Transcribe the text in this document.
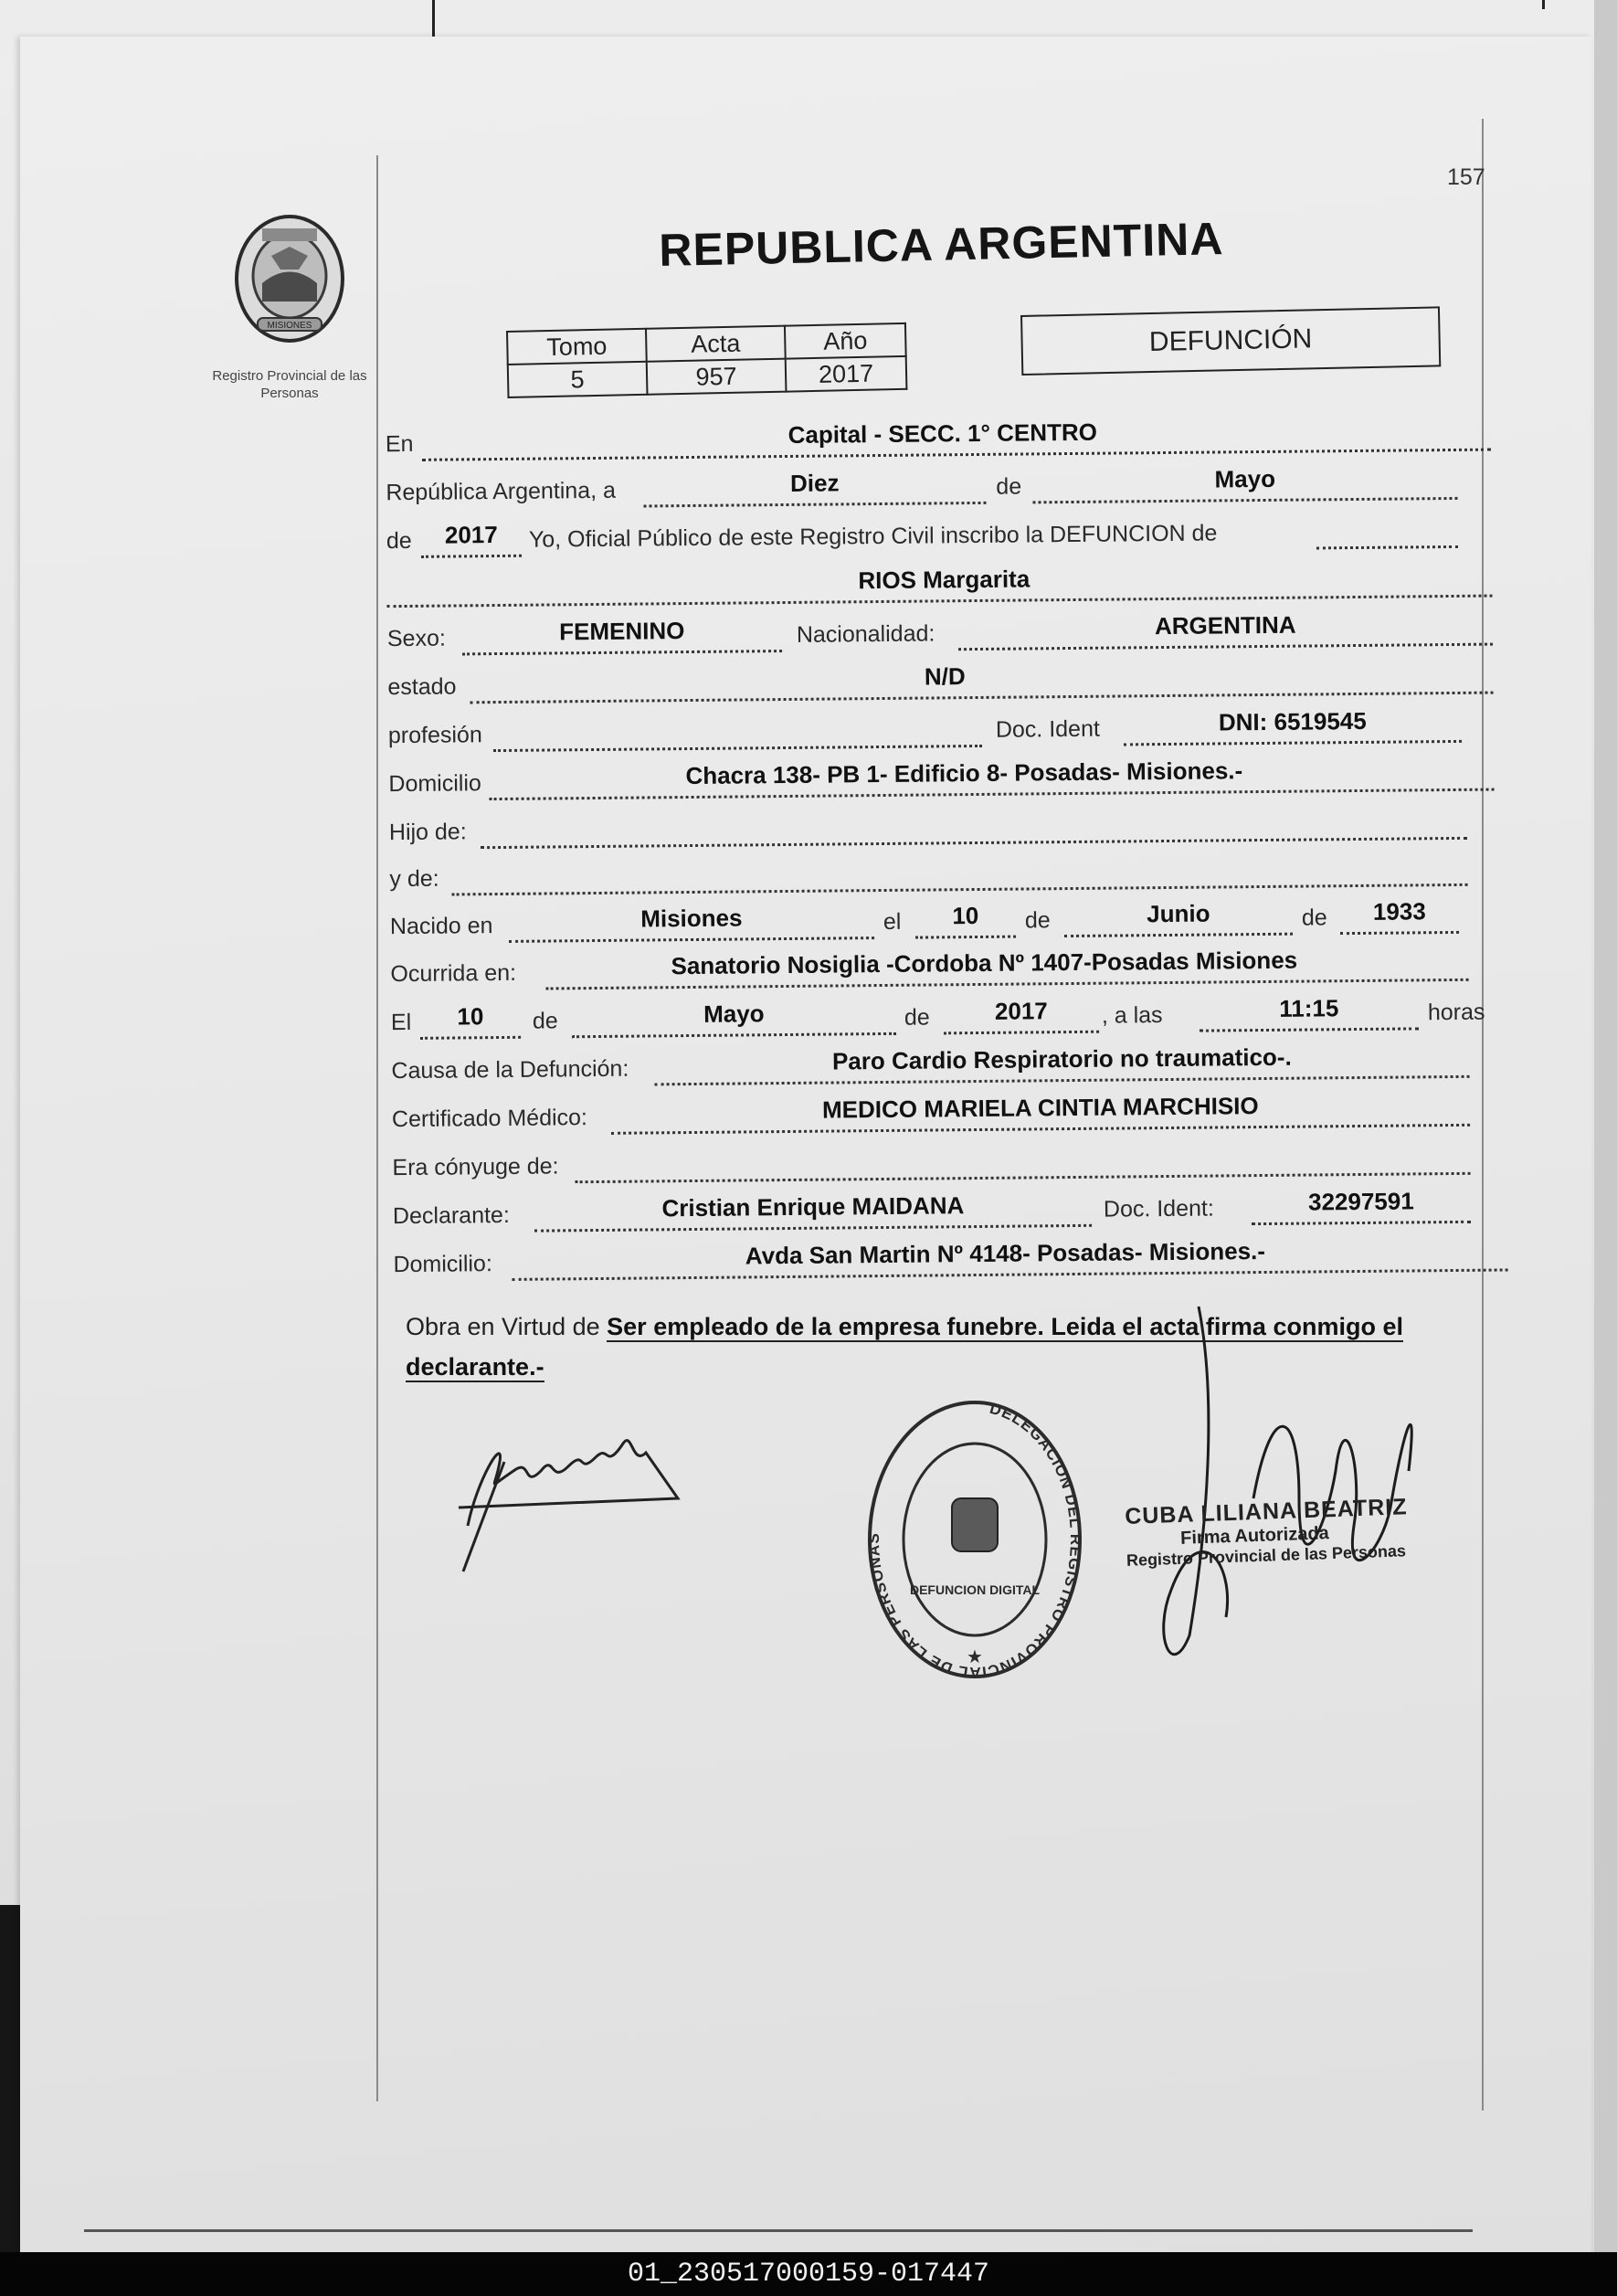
157
MISIONES
Registro Provincial de las Personas
REPUBLICA ARGENTINA
Tomo	Acta	Año
5	957	2017
DEFUNCIÓN
En	Capital - SECC. 1° CENTRO
República Argentina, a	Diez	de	Mayo
de	2017	Yo, Oficial Público de este Registro Civil inscribo la DEFUNCION de
RIOS Margarita
Sexo:	FEMENINO	Nacionalidad:	ARGENTINA
estado	N/D
profesión	Doc. Ident	DNI: 6519545
Domicilio	Chacra 138- PB 1- Edificio 8- Posadas- Misiones.-
Hijo de:
y de:
Nacido en	Misiones	el	10	de	Junio	de	1933
Ocurrida en:	Sanatorio Nosiglia -Cordoba Nº 1407-Posadas Misiones
El	10	de	Mayo	de	2017	, a las	11:15	horas
Causa de la Defunción:	Paro Cardio Respiratorio no traumatico-.
Certificado Médico:	MEDICO MARIELA CINTIA MARCHISIO
Era cónyuge de:
Declarante:	Cristian Enrique MAIDANA	Doc. Ident:	32297591
Domicilio:	Avda San Martin Nº 4148- Posadas- Misiones.-
Obra en Virtud de Ser empleado de la empresa funebre. Leida el acta firma conmigo el
declarante.-
DELEGACION DEL REGISTRO PROVINCIAL DE LAS PERSONAS
DEFUNCION DIGITAL
★
CUBA LILIANA BEATRIZ
Firma Autorizada
Registro Provincial de las Personas
01_230517000159-017447
